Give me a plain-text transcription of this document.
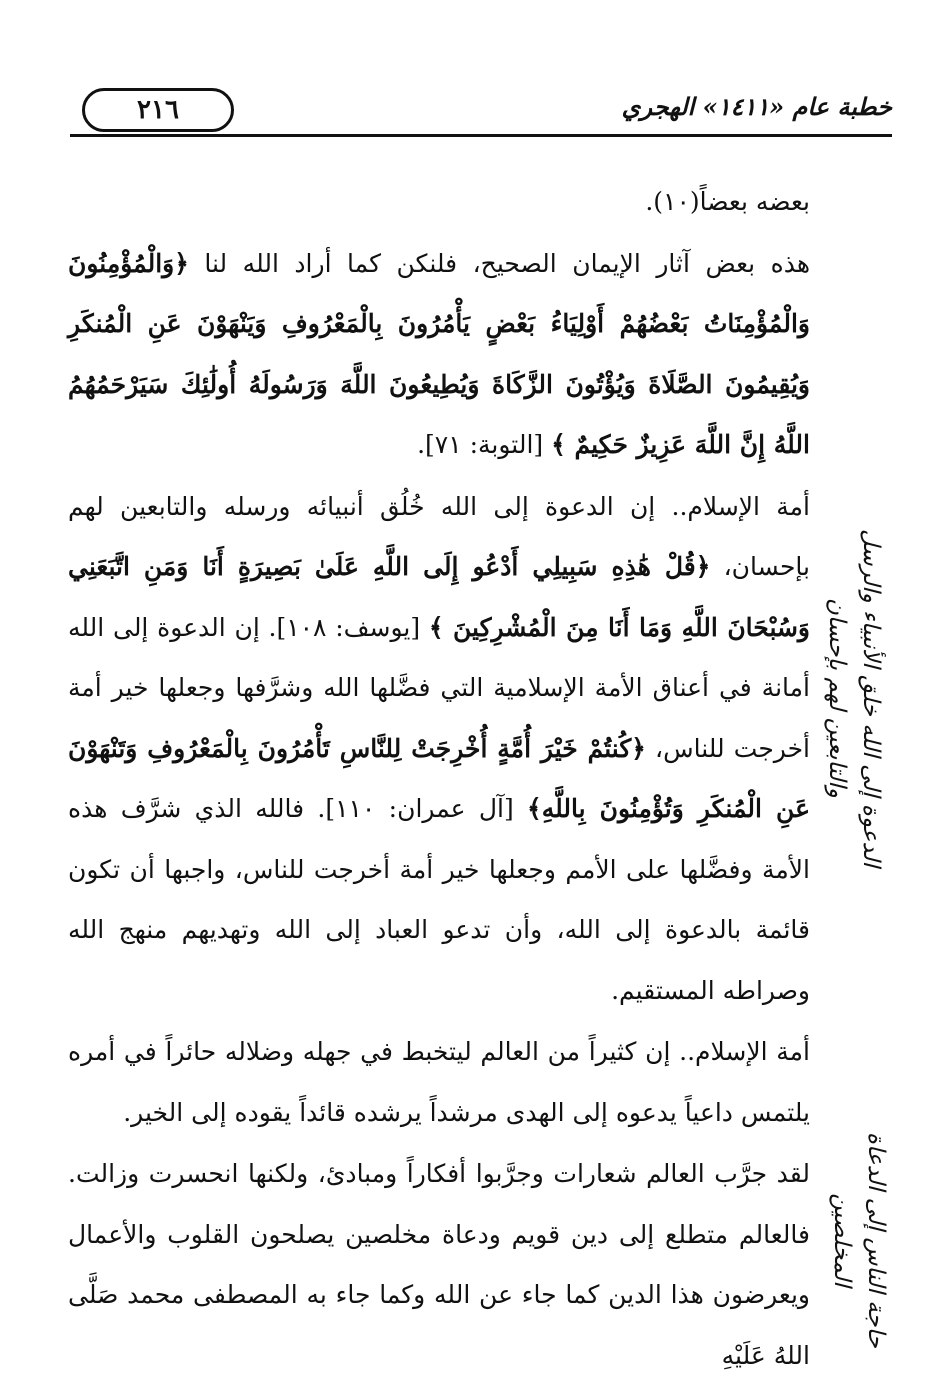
٢١٦	خطبة عام «١٤١١» الهجري

بعضه بعضاً(١٠).

هذه بعض آثار الإيمان الصحيح، فلنكن كما أراد الله لنا ﴿وَالْمُؤْمِنُونَ وَالْمُؤْمِنَاتُ بَعْضُهُمْ أَوْلِيَاءُ بَعْضٍ يَأْمُرُونَ بِالْمَعْرُوفِ وَيَنْهَوْنَ عَنِ الْمُنكَرِ وَيُقِيمُونَ الصَّلَاةَ وَيُؤْتُونَ الزَّكَاةَ وَيُطِيعُونَ اللَّهَ وَرَسُولَهُ أُولَٰئِكَ سَيَرْحَمُهُمُ اللَّهُ إِنَّ اللَّهَ عَزِيزٌ حَكِيمٌ ﴾ [التوبة: ٧١].

أمة الإسلام.. إن الدعوة إلى الله خُلُق أنبيائه ورسله والتابعين لهم بإحسان، ﴿قُلْ هَٰذِهِ سَبِيلِي أَدْعُو إِلَى اللَّهِ عَلَىٰ بَصِيرَةٍ أَنَا وَمَنِ اتَّبَعَنِي وَسُبْحَانَ اللَّهِ وَمَا أَنَا مِنَ الْمُشْرِكِينَ ﴾ [يوسف: ١٠٨]. إن الدعوة إلى الله أمانة في أعناق الأمة الإسلامية التي فضَّلها الله وشرَّفها وجعلها خير أمة أخرجت للناس، ﴿كُنتُمْ خَيْرَ أُمَّةٍ أُخْرِجَتْ لِلنَّاسِ تَأْمُرُونَ بِالْمَعْرُوفِ وَتَنْهَوْنَ عَنِ الْمُنكَرِ وَتُؤْمِنُونَ بِاللَّهِ﴾ [آل عمران: ١١٠]. فالله الذي شرَّف هذه الأمة وفضَّلها على الأمم وجعلها خير أمة أخرجت للناس، واجبها أن تكون قائمة بالدعوة إلى الله، وأن تدعو العباد إلى الله وتهديهم منهج الله وصراطه المستقيم.

أمة الإسلام.. إن كثيراً من العالم ليتخبط في جهله وضلاله حائراً في أمره يلتمس داعياً يدعوه إلى الهدى مرشداً يرشده قائداً يقوده إلى الخير.

لقد جرَّب العالم شعارات وجرَّبوا أفكاراً ومبادئ، ولكنها انحسرت وزالت. فالعالم متطلع إلى دين قويم ودعاة مخلصين يصلحون القلوب والأعمال ويعرضون هذا الدين كما جاء عن الله وكما جاء به المصطفى محمد صَلَّى اللهُ عَلَيْهِ

الدعوة إلى الله خلق الأنبياء والرسل والتابعين لهم بإحسان
حاجة الناس إلى الدعاة المخلصين
